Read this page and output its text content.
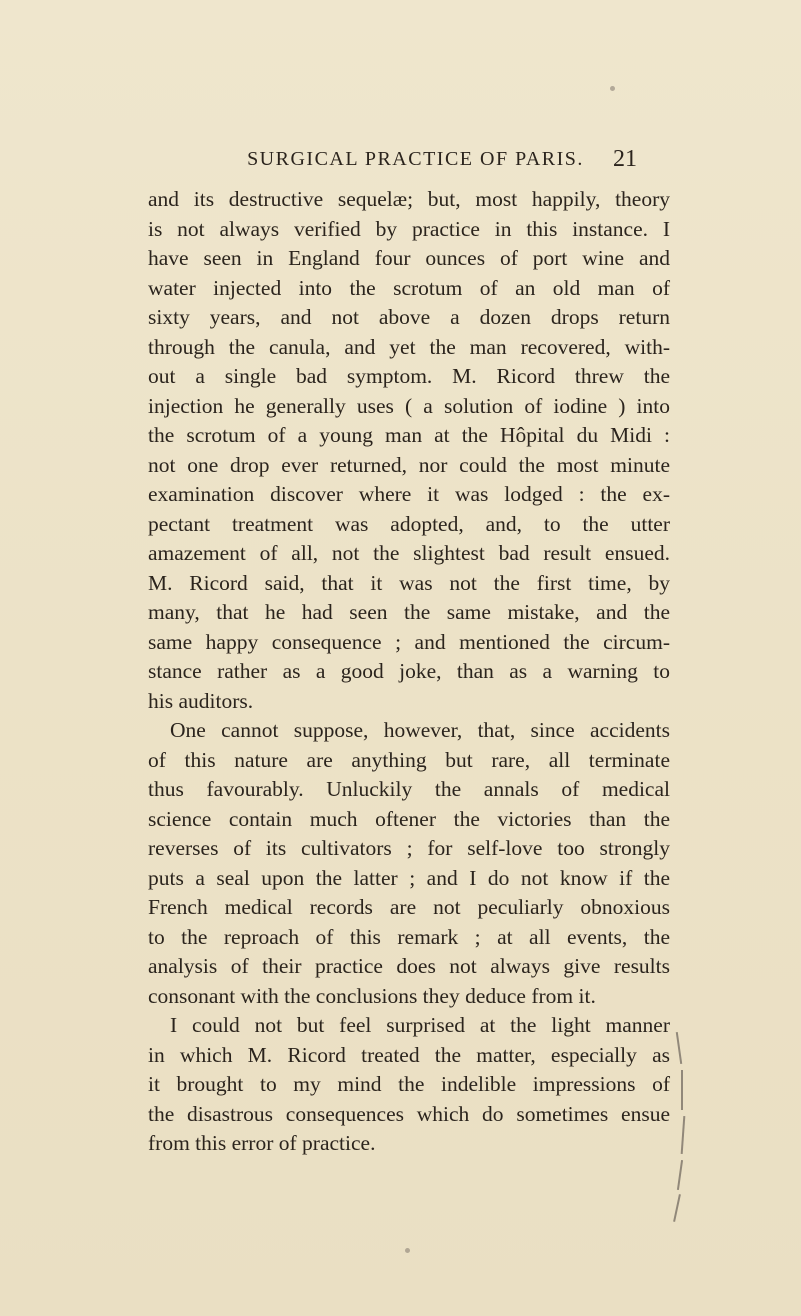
SURGICAL PRACTICE OF PARIS.	21
and its destructive sequelæ; but, most happily, theory
is not always verified by practice in this instance. I
have seen in England four ounces of port wine and
water injected into the scrotum of an old man of
sixty years, and not above a dozen drops return
through the canula, and yet the man recovered, with-
out a single bad symptom. M. Ricord threw the
injection he generally uses ( a solution of iodine ) into
the scrotum of a young man at the Hôpital du Midi :
not one drop ever returned, nor could the most minute
examination discover where it was lodged : the ex-
pectant treatment was adopted, and, to the utter
amazement of all, not the slightest bad result ensued.
M. Ricord said, that it was not the first time, by
many, that he had seen the same mistake, and the
same happy consequence ; and mentioned the circum-
stance rather as a good joke, than as a warning to
his auditors.
One cannot suppose, however, that, since accidents
of this nature are anything but rare, all terminate
thus favourably. Unluckily the annals of medical
science contain much oftener the victories than the
reverses of its cultivators ; for self-love too strongly
puts a seal upon the latter ; and I do not know if the
French medical records are not peculiarly obnoxious
to the reproach of this remark ; at all events, the
analysis of their practice does not always give results
consonant with the conclusions they deduce from it.
I could not but feel surprised at the light manner
in which M. Ricord treated the matter, especially as
it brought to my mind the indelible impressions of
the disastrous consequences which do sometimes ensue
from this error of practice.
